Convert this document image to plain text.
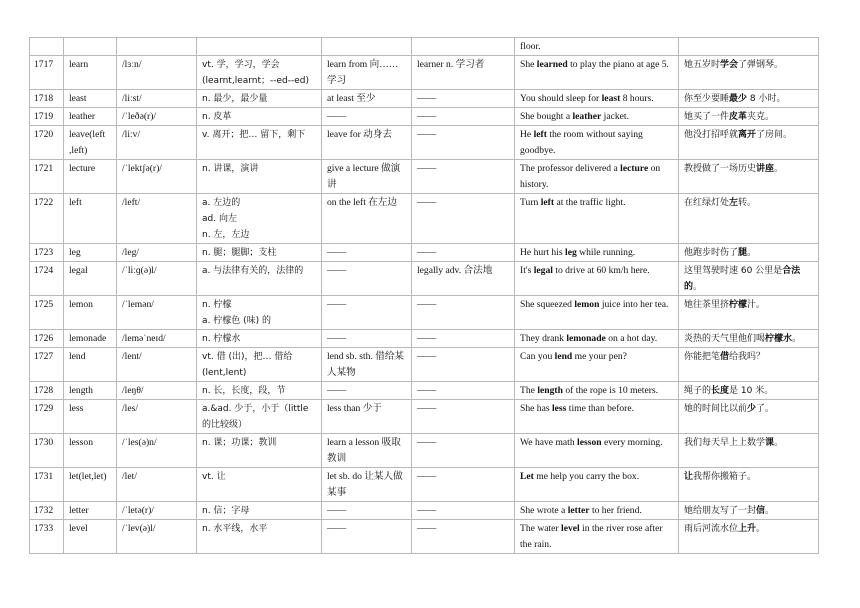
						floor.	
1717	learn	/lɜːn/	vt. 学，学习，学会 (learnt,learnt；--ed--ed)	learn from 向……学习	learner n. 学习者	She learned to play the piano at age 5.	她五岁时学会了弹钢琴。
1718	least	/liːst/	n. 最少，最少量	at least 至少	——	You should sleep for least 8 hours.	你至少要睡最少 8 小时。
1719	leather	/ˈleðə(r)/	n. 皮革	——	——	She bought a leather jacket.	她买了一件皮革夹克。
1720	leave(left ,left)	/liːv/	v. 离开；把… 留下，剩下	leave for 动身去	——	He left the room without saying goodbye.	他没打招呼就离开了房间。
1721	lecture	/ˈlektʃə(r)/	n. 讲课，演讲	give a lecture 做演讲	——	The professor delivered a lecture on history.	教授做了一场历史讲座。
1722	left	/left/	a. 左边的
ad. 向左
n. 左，左边	on the left 在左边	——	Turn left at the traffic light.	在红绿灯处左转。
1723	leg	/leg/	n. 腿；腿脚；支柱	——	——	He hurt his leg while running.	他跑步时伤了腿。
1724	legal	/ˈliːɡ(ə)l/	a. 与法律有关的，法律的	——	legally adv. 合法地	It's legal to drive at 60 km/h here.	这里驾驶时速 60 公里是合法的。
1725	lemon	/ˈlemən/	n. 柠檬
a. 柠檬色 (味) 的	——	——	She squeezed lemon juice into her tea.	她往茶里挤柠檬汁。
1726	lemonade	/leməˈneɪd/	n. 柠檬水	——	——	They drank lemonade on a hot day.	炎热的天气里他们喝柠檬水。
1727	lend	/lent/	vt. 借 (出)，把… 借给 (lent,lent)	lend sb. sth. 借给某人某物	——	Can you lend me your pen?	你能把笔借给我吗？
1728	length	/leŋθ/	n. 长，长度，段，节	——	——	The length of the rope is 10 meters.	绳子的长度是 10 米。
1729	less	/les/	a.&ad. 少于，小于（little 的比较级）	less than 少于	——	She has less time than before.	她的时间比以前少了。
1730	lesson	/ˈles(ə)n/	n. 课；功课；教训	learn a lesson 吸取教训	——	We have math lesson every morning.	我们每天早上上数学课。
1731	let(let,let)	/let/	vt. 让	let sb. do 让某人做某事	——	Let me help you carry the box.	让我帮你搬箱子。
1732	letter	/ˈletə(r)/	n. 信；字母	——	——	She wrote a letter to her friend.	她给朋友写了一封信。
1733	level	/ˈlev(ə)l/	n. 水平线，水平	——	——	The water level in the river rose after the rain.	雨后河流水位上升。
